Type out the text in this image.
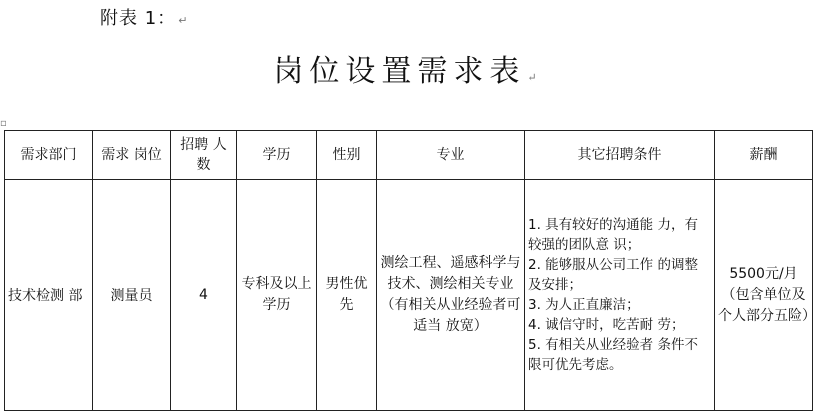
附表 1： ↵
岗位设置需求表 ↵
▫
需求部门	需求 岗位	招聘 人数	学历	性别	专业	其它招聘条件	薪酬
技术检测 部	测量员	4	专科及以上学历	男性优先	测绘工程、遥感科学与技术、测绘相关专业（有相关从业经验者可适当 放宽）	1. 具有较好的沟通能 力，有较强的团队意 识；
2. 能够服从公司工作 的调整及安排；
3. 为人正直廉洁；
4. 诚信守时，吃苦耐 劳；
5. 有相关从业经验者 条件不限可优先考虑。	5500元/月（包含单位及个人部分五险）
